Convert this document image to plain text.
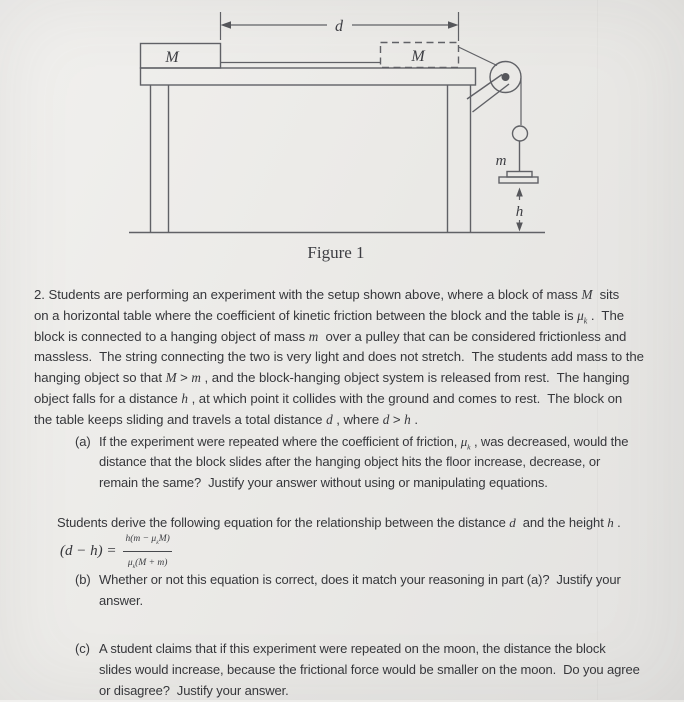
d
M	M
m
h
Figure 1
2. Students are performing an experiment with the setup shown above, where a block of mass M  sits
on a horizontal table where the coefficient of kinetic friction between the block and the table is $\mu_k$ .  The
block is connected to a hanging object of mass m  over a pulley that can be considered frictionless and
massless.  The string connecting the two is very light and does not stretch.  The students add mass to the
hanging object so that M > m , and the block-hanging object system is released from rest.  The hanging
object falls for a distance h , at which point it collides with the ground and comes to rest.  The block on
the table keeps sliding and travels a total distance d , where d > h .
(a) If the experiment were repeated where the coefficient of friction, $\mu_k$ , was decreased, would the
distance that the block slides after the hanging object hits the floor increase, decrease, or
remain the same?  Justify your answer without using or manipulating equations.
Students derive the following equation for the relationship between the distance d  and the height h .
$(d - h) = \frac{h(m - \mu_kM)}{\mu_k(M + m)}$
(b) Whether or not this equation is correct, does it match your reasoning in part (a)?  Justify your
answer.
(c) A student claims that if this experiment were repeated on the moon, the distance the block
slides would increase, because the frictional force would be smaller on the moon.  Do you agree
or disagree?  Justify your answer.
